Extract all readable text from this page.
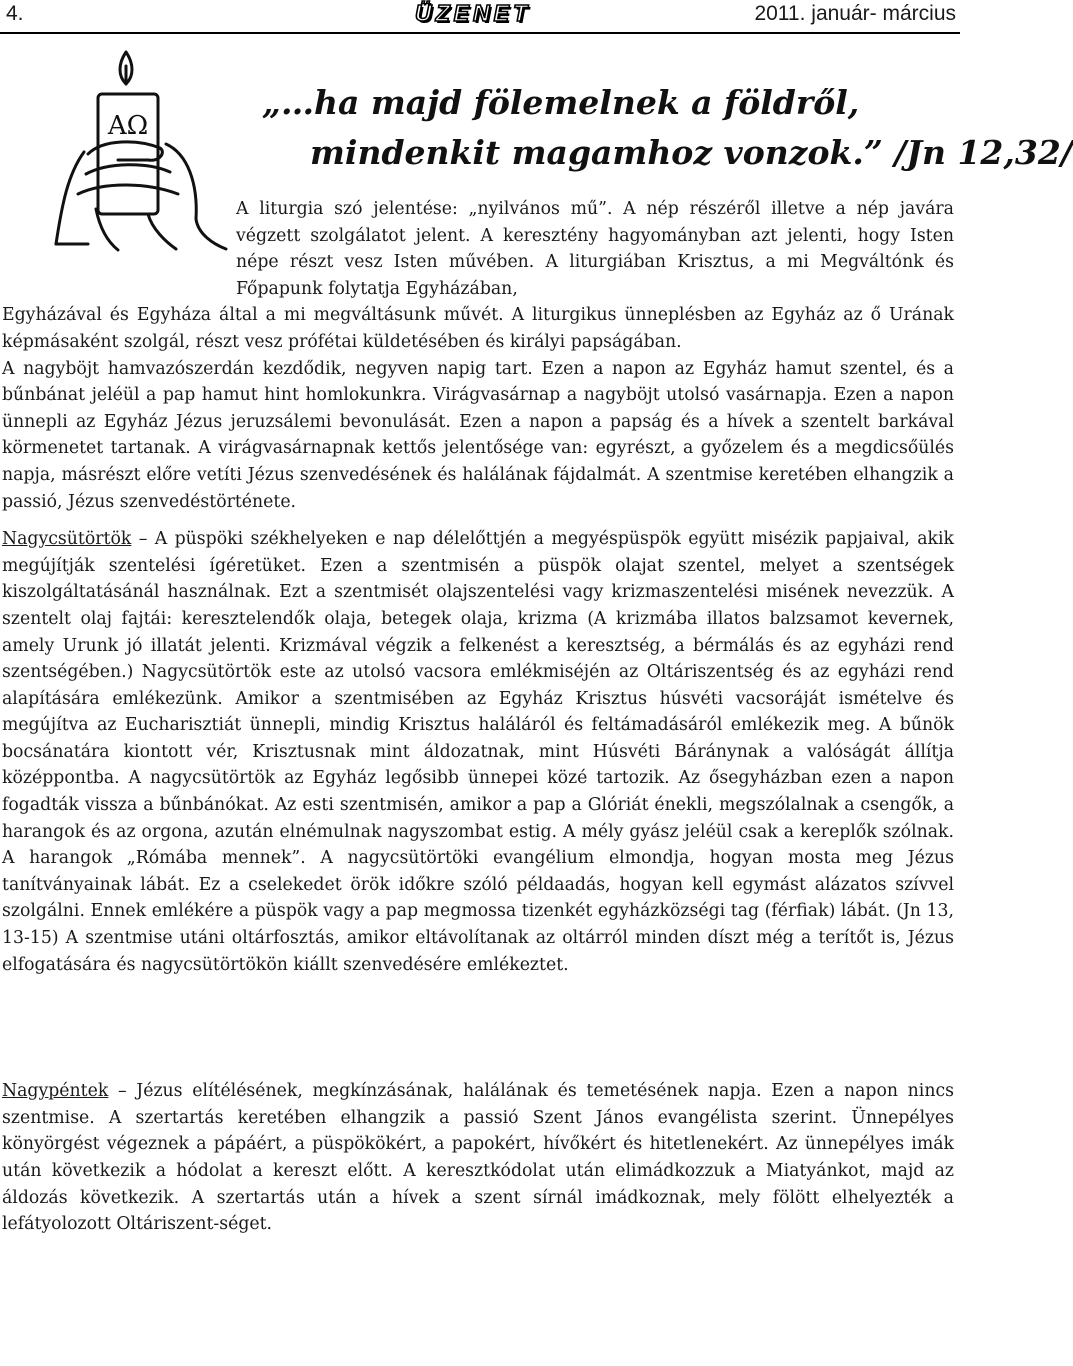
4.	ÜZENET	2011. január- március
AΩ
„…ha majd fölemelnek a földről,
mindenkit magamhoz vonzok.” /Jn 12,32/

A liturgia szó jelentése: „nyilvános mű”. A nép részéről illetve a nép javára végzett szolgálatot jelent. A keresztény hagyományban azt jelenti, hogy Isten népe részt vesz Isten művében. A liturgiában Krisztus, a mi Megváltónk és Főpapunk folytatja Egyházában,

Egyházával és Egyháza által a mi megváltásunk művét. A liturgikus ünneplésben az Egyház az ő Urának képmásaként szolgál, részt vesz prófétai küldetésében és királyi papságában.

A nagyböjt hamvazószerdán kezdődik, negyven napig tart. Ezen a napon az Egyház hamut szentel, és a bűnbánat jeléül a pap hamut hint homlokunkra. Virágvasárnap a nagyböjt utolsó vasárnapja. Ezen a napon ünnepli az Egyház Jézus jeruzsálemi bevonulását. Ezen a napon a papság és a hívek a szentelt barkával körmenetet tartanak. A virágvasárnapnak kettős jelentősége van: egyrészt, a győzelem és a megdicsőülés napja, másrészt előre vetíti Jézus szenvedésének és halálának fájdalmát. A szentmise keretében elhangzik a passió, Jézus szenvedéstörténete.

Nagycsütörtök – A püspöki székhelyeken e nap délelőttjén a megyéspüspök együtt misézik papjaival, akik megújítják szentelési ígéretüket. Ezen a szentmisén a püspök olajat szentel, melyet a szentségek kiszolgáltatásánál használnak. Ezt a szentmisét olajszentelési vagy krizmaszentelési misének nevezzük. A szentelt olaj fajtái: keresztelendők olaja, betegek olaja, krizma (A krizmába illatos balzsamot kevernek, amely Urunk jó illatát jelenti. Krizmával végzik a felkenést a keresztség, a bérmálás és az egyházi rend szentségében.) Nagycsütörtök este az utolsó vacsora emlékmiséjén az Oltáriszentség és az egyházi rend alapítására emlékezünk. Amikor a szentmisében az Egyház Krisztus húsvéti vacsoráját ismételve és megújítva az Eucharisztiát ünnepli, mindig Krisztus haláláról és feltámadásáról emlékezik meg. A bűnök bocsánatára kiontott vér, Krisztusnak mint áldozatnak, mint Húsvéti Báránynak a valóságát állítja középpontba. A nagycsütörtök az Egyház legősibb ünnepei közé tartozik. Az ősegyházban ezen a napon fogadták vissza a bűnbánókat. Az esti szentmisén, amikor a pap a Glóriát énekli, megszólalnak a csengők, a harangok és az orgona, azután elnémulnak nagyszombat estig. A mély gyász jeléül csak a kereplők szólnak. A harangok „Rómába mennek”. A nagycsütörtöki evangélium elmondja, hogyan mosta meg Jézus tanítványainak lábát. Ez a cselekedet örök időkre szóló példaadás, hogyan kell egymást alázatos szívvel szolgálni. Ennek emlékére a püspök vagy a pap megmossa tizenkét egyházközségi tag (férfiak) lábát. (Jn 13, 13-15) A szentmise utáni oltárfosztás, amikor eltávolítanak az oltárról minden díszt még a terítőt is, Jézus elfogatására és nagycsütörtökön kiállt szenvedésére emlékeztet.

Nagypéntek – Jézus elítélésének, megkínzásának, halálának és temetésének napja. Ezen a napon nincs szentmise. A szertartás keretében elhangzik a passió Szent János evangélista szerint. Ünnepélyes könyörgést végeznek a pápáért, a püspökökért, a papokért, hívőkért és hitetlenekért. Az ünnepélyes imák után következik a hódolat a kereszt előtt. A keresztkódolat után elimádkozzuk a Miatyánkot, majd az áldozás következik. A szertartás után a hívek a szent sírnál imádkoznak, mely fölött elhelyezték a lefátyolozott Oltáriszent-séget.
